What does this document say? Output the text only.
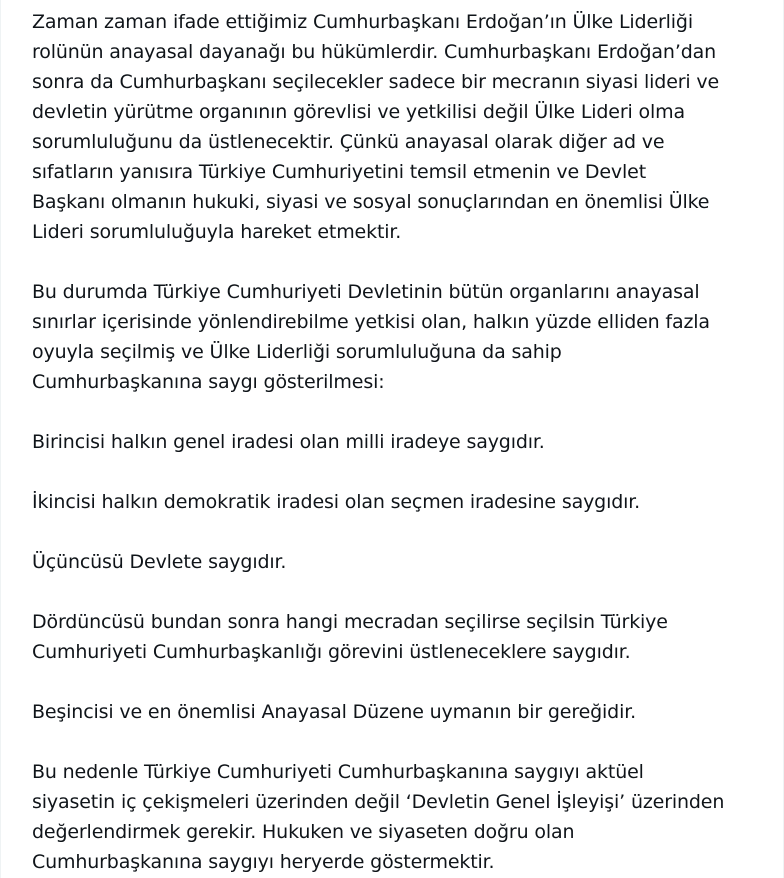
Zaman zaman ifade ettiğimiz Cumhurbaşkanı Erdoğan’ın Ülke Liderliği
rolünün anayasal dayanağı bu hükümlerdir. Cumhurbaşkanı Erdoğan’dan
sonra da Cumhurbaşkanı seçilecekler sadece bir mecranın siyasi lideri ve
devletin yürütme organının görevlisi ve yetkilisi değil Ülke Lideri olma
sorumluluğunu da üstlenecektir. Çünkü anayasal olarak diğer ad ve
sıfatların yanısıra Türkiye Cumhuriyetini temsil etmenin ve Devlet
Başkanı olmanın hukuki, siyasi ve sosyal sonuçlarından en önemlisi Ülke
Lideri sorumluluğuyla hareket etmektir.

Bu durumda Türkiye Cumhuriyeti Devletinin bütün organlarını anayasal
sınırlar içerisinde yönlendirebilme yetkisi olan, halkın yüzde elliden fazla
oyuyla seçilmiş ve Ülke Liderliği sorumluluğuna da sahip
Cumhurbaşkanına saygı gösterilmesi:

Birincisi halkın genel iradesi olan milli iradeye saygıdır.

İkincisi halkın demokratik iradesi olan seçmen iradesine saygıdır.

Üçüncüsü Devlete saygıdır.

Dördüncüsü bundan sonra hangi mecradan seçilirse seçilsin Türkiye
Cumhuriyeti Cumhurbaşkanlığı görevini üstleneceklere saygıdır.

Beşincisi ve en önemlisi Anayasal Düzene uymanın bir gereğidir.

Bu nedenle Türkiye Cumhuriyeti Cumhurbaşkanına saygıyı aktüel
siyasetin iç çekişmeleri üzerinden değil ‘Devletin Genel İşleyişi’ üzerinden
değerlendirmek gerekir. Hukuken ve siyaseten doğru olan
Cumhurbaşkanına saygıyı heryerde göstermektir.
